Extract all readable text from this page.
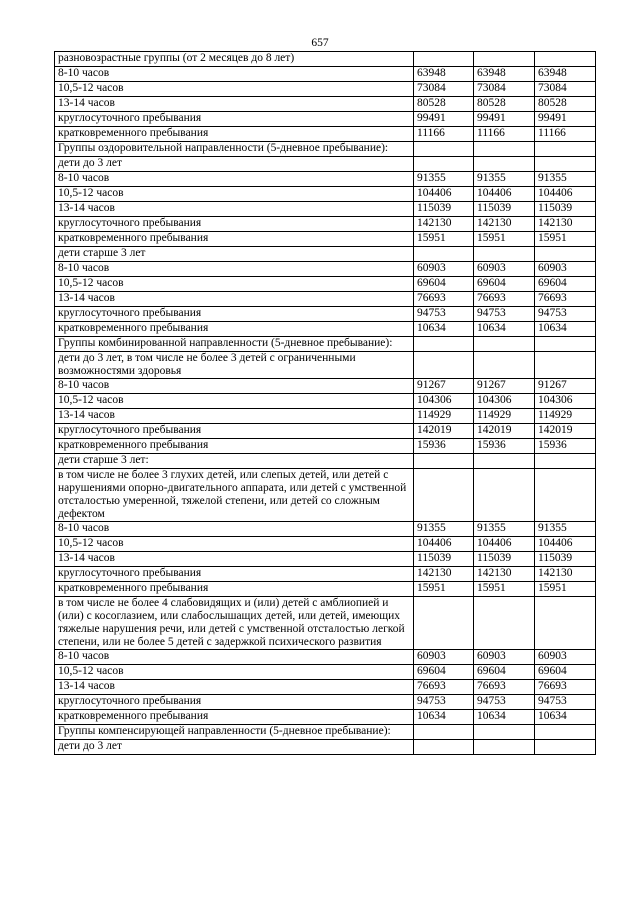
657
разновозрастные группы (от 2 месяцев до 8 лет)			
8-10 часов	63948	63948	63948
10,5-12 часов	73084	73084	73084
13-14 часов	80528	80528	80528
круглосуточного пребывания	99491	99491	99491
кратковременного пребывания	11166	11166	11166
Группы оздоровительной направленности (5-дневное пребывание):			
дети до 3 лет			
8-10 часов	91355	91355	91355
10,5-12 часов	104406	104406	104406
13-14 часов	115039	115039	115039
круглосуточного пребывания	142130	142130	142130
кратковременного пребывания	15951	15951	15951
дети старше 3 лет			
8-10 часов	60903	60903	60903
10,5-12 часов	69604	69604	69604
13-14 часов	76693	76693	76693
круглосуточного пребывания	94753	94753	94753
кратковременного пребывания	10634	10634	10634
Группы комбинированной направленности (5-дневное пребывание):			
дети до 3 лет, в том числе не более 3 детей с ограниченными возможностями здоровья			
8-10 часов	91267	91267	91267
10,5-12 часов	104306	104306	104306
13-14 часов	114929	114929	114929
круглосуточного пребывания	142019	142019	142019
кратковременного пребывания	15936	15936	15936
дети старше 3 лет:			
в том числе не более 3 глухих детей, или слепых детей, или детей с нарушениями опорно-двигательного аппарата, или детей с умственной отсталостью умеренной, тяжелой степени, или детей со сложным дефектом			
8-10 часов	91355	91355	91355
10,5-12 часов	104406	104406	104406
13-14 часов	115039	115039	115039
круглосуточного пребывания	142130	142130	142130
кратковременного пребывания	15951	15951	15951
в том числе не более 4 слабовидящих и (или) детей с амблиопией и (или) с косоглазием, или слабослышащих детей, или детей, имеющих тяжелые нарушения речи, или детей с умственной отсталостью легкой степени, или не более 5 детей с задержкой психического развития			
8-10 часов	60903	60903	60903
10,5-12 часов	69604	69604	69604
13-14 часов	76693	76693	76693
круглосуточного пребывания	94753	94753	94753
кратковременного пребывания	10634	10634	10634
Группы компенсирующей направленности (5-дневное пребывание):			
дети до 3 лет			
